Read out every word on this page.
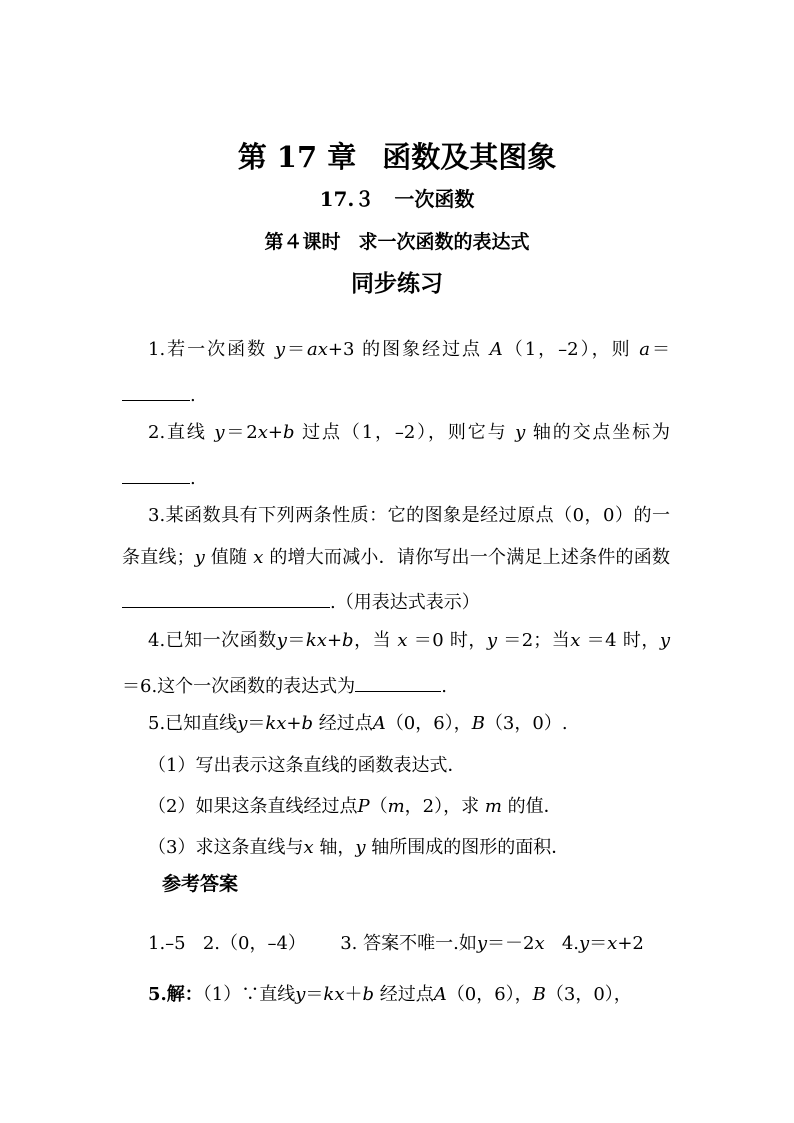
第 17 章 函数及其图象
17.３ 一次函数
第４课时 求一次函数的表达式
同步练习
1.若一次函数 y＝ax+3 的图象经过点 A（1，–2），则 a＝
.
2.直线 y＝2x+b 过点（1，–2），则它与 y 轴的交点坐标为
.
3.某函数具有下列两条性质：它的图象是经过原点（0，0）的一
条直线；y 值随 x 的增大而减小．请你写出一个满足上述条件的函数
.（用表达式表示）
4.已知一次函数y＝kx+b，当 x ＝0 时，y ＝2；当x ＝4 时，y
＝6.这个一次函数的表达式为	.
5.已知直线y＝kx+b 经过点A（0，6），B（3，0）.
（1）写出表示这条直线的函数表达式．
（2）如果这条直线经过点P（m，2），求 m 的值．
（3）求这条直线与x 轴，y 轴所围成的图形的面积．
参考答案
1.–5 2.（0，–4） 3. 答案不唯一.如y＝－2x 4.y＝x+2
5.解：（1）∵直线y＝kx＋b 经过点A（0，6），B（3，0），
